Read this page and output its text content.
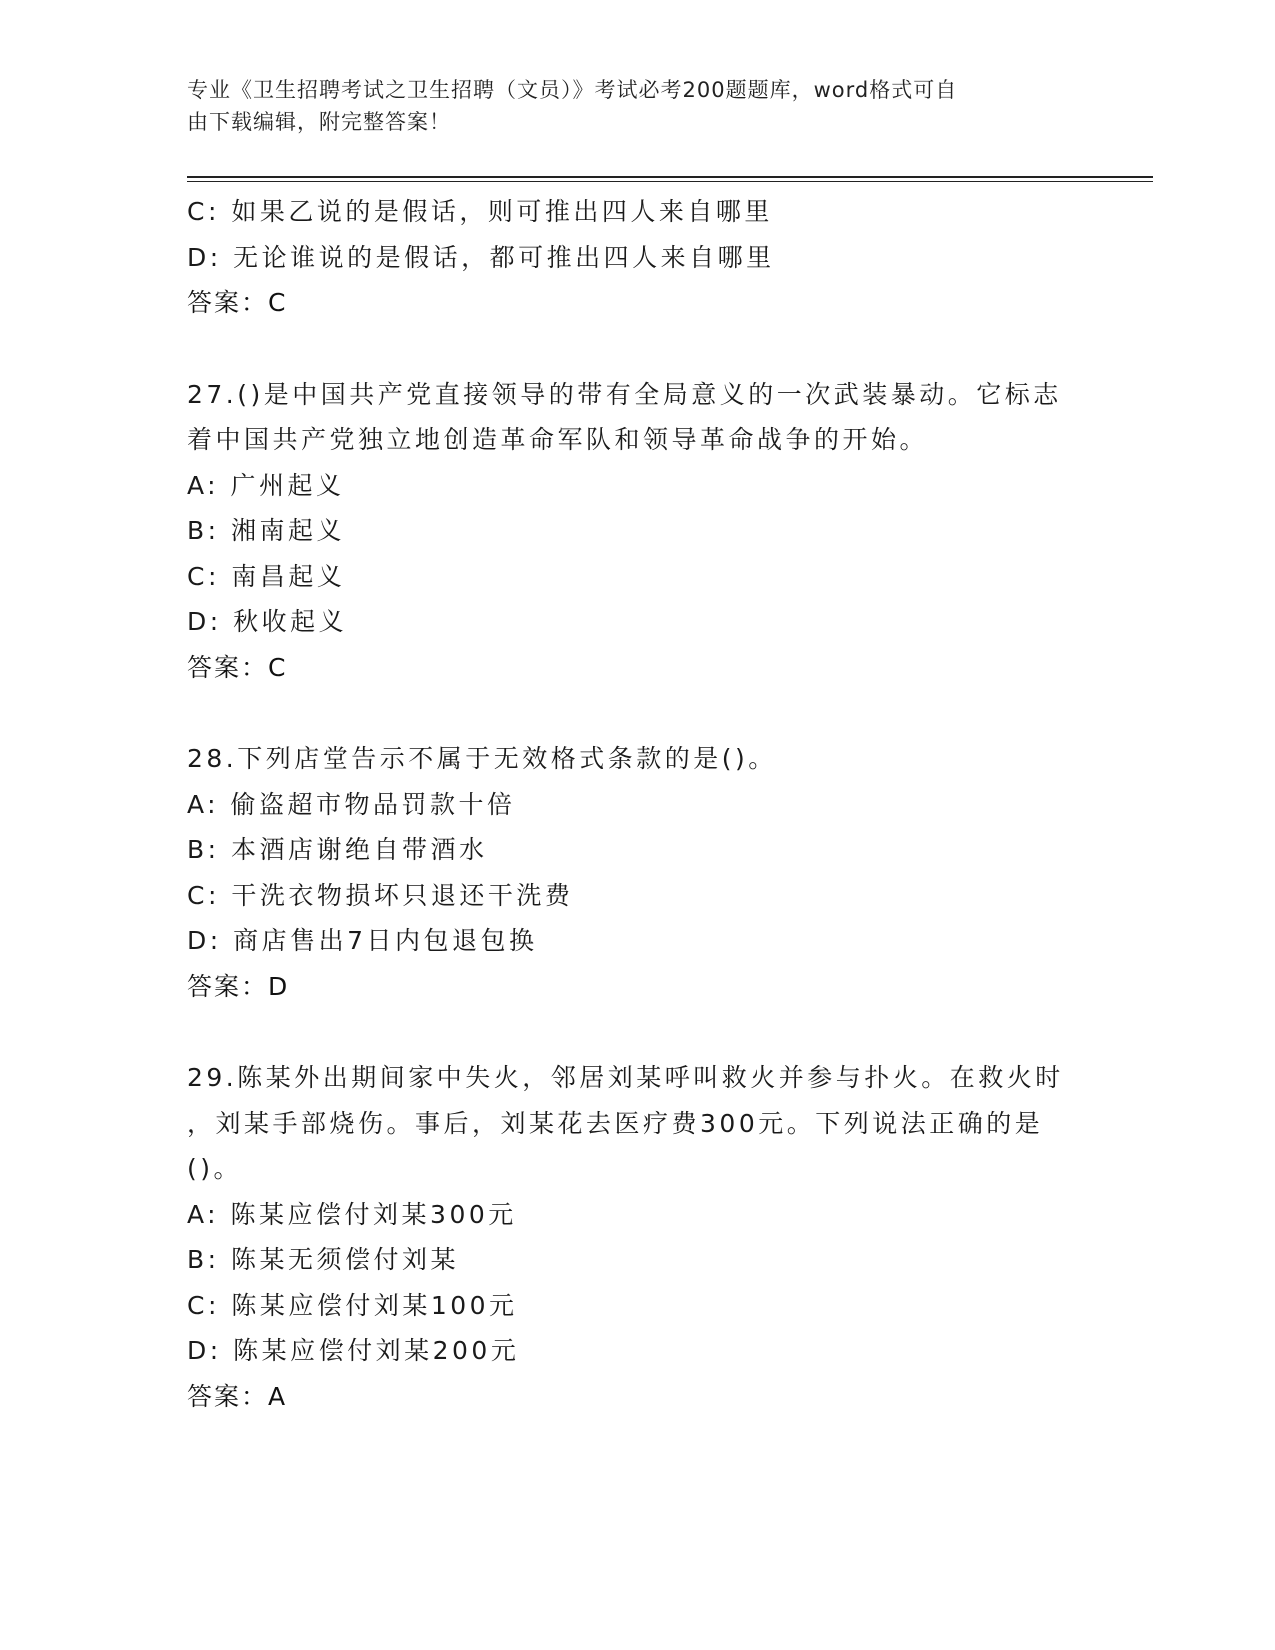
专业《卫生招聘考试之卫生招聘（文员）》考试必考200题题库，word格式可自
由下载编辑，附完整答案！
C: 如果乙说的是假话，则可推出四人来自哪里
D: 无论谁说的是假话，都可推出四人来自哪里
答案：C
27.()是中国共产党直接领导的带有全局意义的一次武装暴动。它标志
着中国共产党独立地创造革命军队和领导革命战争的开始。
A: 广州起义
B: 湘南起义
C: 南昌起义
D: 秋收起义
答案：C
28.下列店堂告示不属于无效格式条款的是()。
A: 偷盗超市物品罚款十倍
B: 本酒店谢绝自带酒水
C: 干洗衣物损坏只退还干洗费
D: 商店售出7日内包退包换
答案：D
29.陈某外出期间家中失火，邻居刘某呼叫救火并参与扑火。在救火时
，刘某手部烧伤。事后，刘某花去医疗费300元。下列说法正确的是
()。
A: 陈某应偿付刘某300元
B: 陈某无须偿付刘某
C: 陈某应偿付刘某100元
D: 陈某应偿付刘某200元
答案：A
